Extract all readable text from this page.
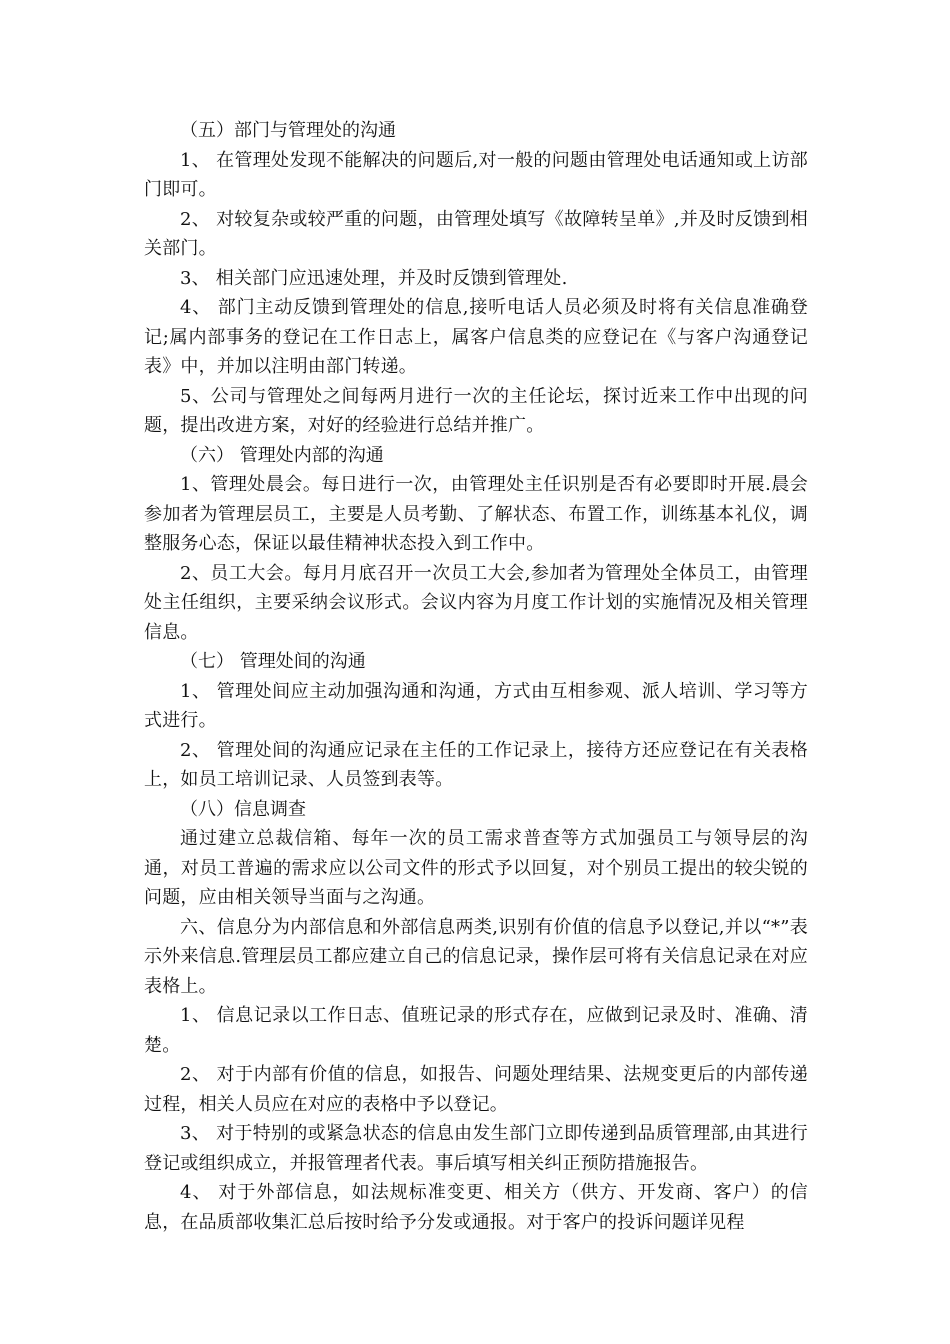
（五）部门与管理处的沟通

1、 在管理处发现不能解决的问题后,对一般的问题由管理处电话通知或上访部门即可。

2、 对较复杂或较严重的问题，由管理处填写《故障转呈单》,并及时反馈到相关部门。

3、 相关部门应迅速处理，并及时反馈到管理处.

4、 部门主动反馈到管理处的信息,接听电话人员必须及时将有关信息准确登记;属内部事务的登记在工作日志上，属客户信息类的应登记在《与客户沟通登记表》中，并加以注明由部门转递。

5、公司与管理处之间每两月进行一次的主任论坛，探讨近来工作中出现的问题，提出改进方案，对好的经验进行总结并推广。

（六） 管理处内部的沟通

1、管理处晨会。每日进行一次，由管理处主任识别是否有必要即时开展.晨会参加者为管理层员工，主要是人员考勤、了解状态、布置工作，训练基本礼仪，调整服务心态，保证以最佳精神状态投入到工作中。

2、员工大会。每月月底召开一次员工大会,参加者为管理处全体员工，由管理处主任组织，主要采纳会议形式。会议内容为月度工作计划的实施情况及相关管理信息。

（七） 管理处间的沟通

1、 管理处间应主动加强沟通和沟通，方式由互相参观、派人培训、学习等方式进行。

2、 管理处间的沟通应记录在主任的工作记录上，接待方还应登记在有关表格上，如员工培训记录、人员签到表等。

（八）信息调查

通过建立总裁信箱、每年一次的员工需求普查等方式加强员工与领导层的沟通，对员工普遍的需求应以公司文件的形式予以回复，对个别员工提出的较尖锐的问题，应由相关领导当面与之沟通。

六、信息分为内部信息和外部信息两类,识别有价值的信息予以登记,并以“*”表示外来信息.管理层员工都应建立自己的信息记录，操作层可将有关信息记录在对应表格上。

1、 信息记录以工作日志、值班记录的形式存在，应做到记录及时、准确、清楚。

2、 对于内部有价值的信息，如报告、问题处理结果、法规变更后的内部传递过程，相关人员应在对应的表格中予以登记。

3、 对于特别的或紧急状态的信息由发生部门立即传递到品质管理部,由其进行登记或组织成立，并报管理者代表。事后填写相关纠正预防措施报告。

4、 对于外部信息，如法规标准变更、相关方（供方、开发商、客户）的信息，在品质部收集汇总后按时给予分发或通报。对于客户的投诉问题详见程
